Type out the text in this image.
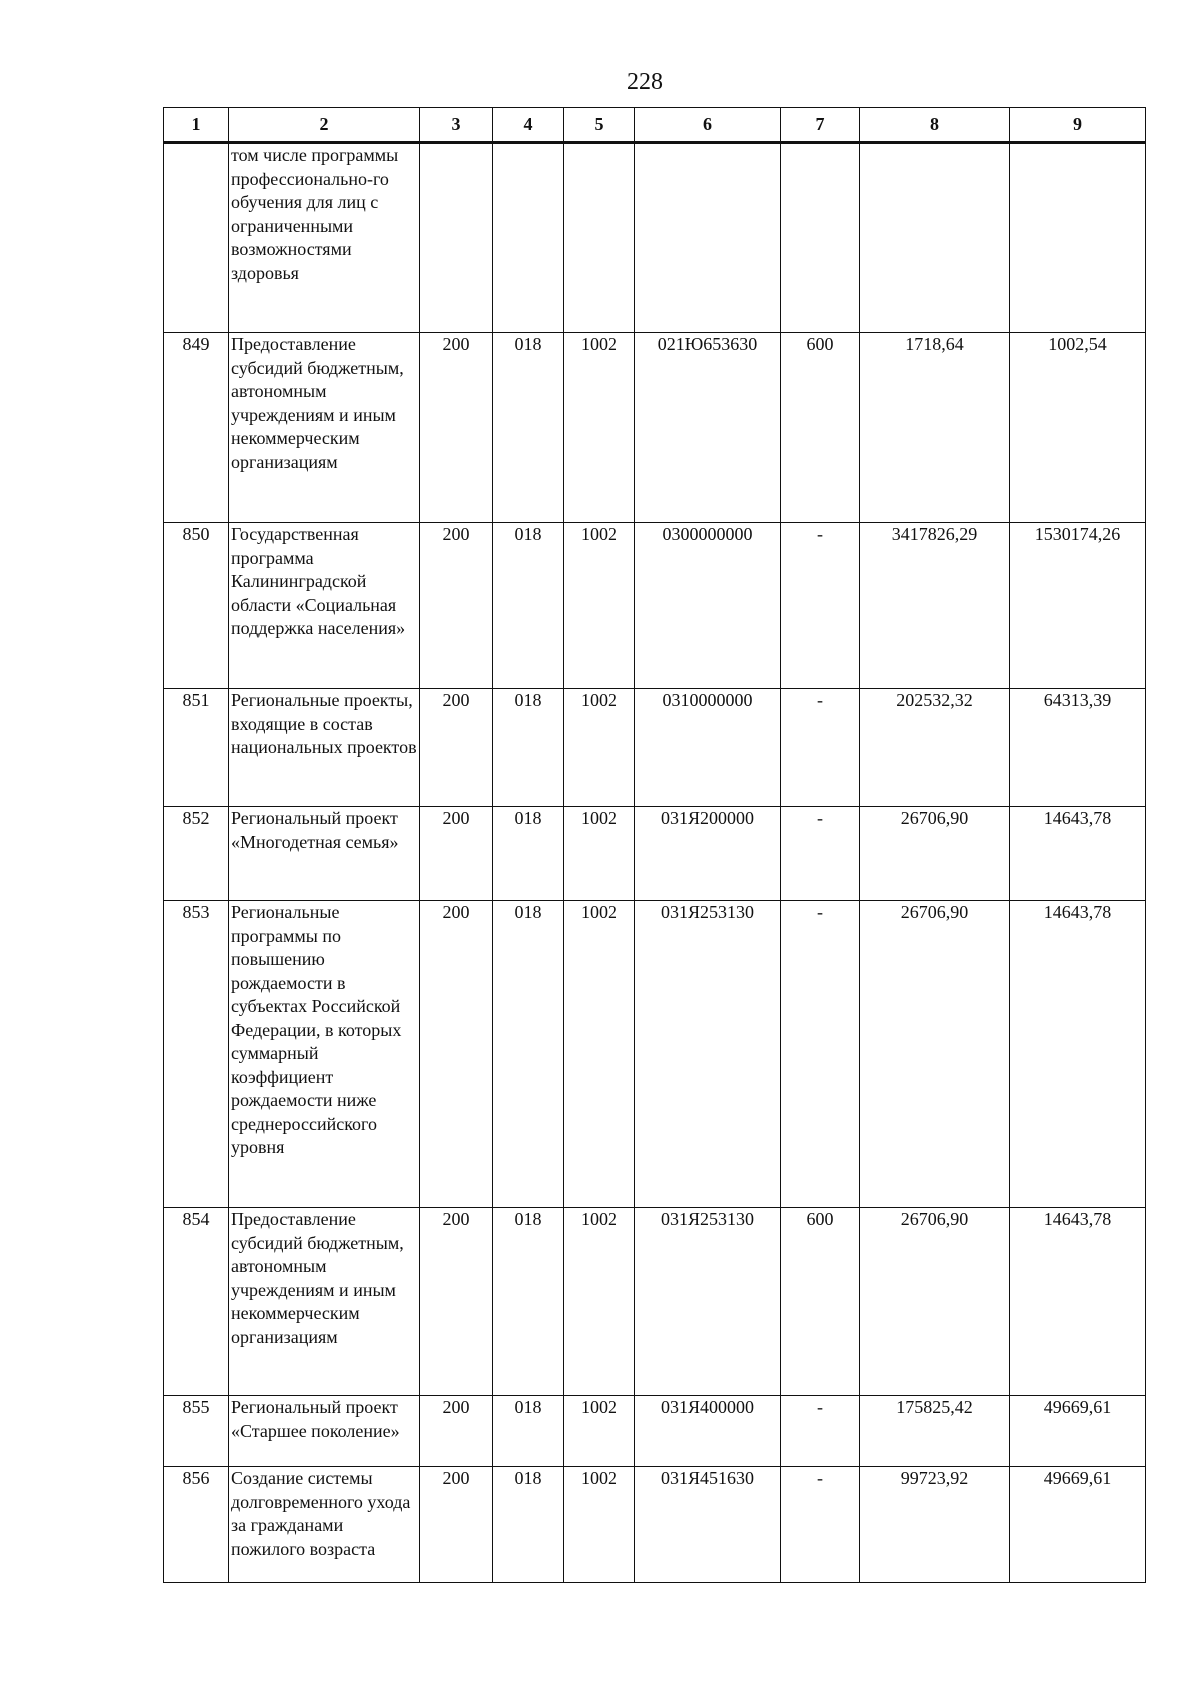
228
1	2	3	4	5	6	7	8	9
	том числе программы профессионально-го обучения для лиц с ограниченными возможностями здоровья							
849	Предоставление субсидий бюджетным, автономным учреждениям и иным некоммерческим организациям	200	018	1002	021Ю653630	600	1718,64	1002,54
850	Государственная программа Калининградской области «Социальная поддержка населения»	200	018	1002	0300000000	-	3417826,29	1530174,26
851	Региональные проекты, входящие в состав национальных проектов	200	018	1002	0310000000	-	202532,32	64313,39
852	Региональный проект «Многодетная семья»	200	018	1002	031Я200000	-	26706,90	14643,78
853	Региональные программы по повышению рождаемости в субъектах Российской Федерации, в которых суммарный коэффициент рождаемости ниже среднероссийского уровня	200	018	1002	031Я253130	-	26706,90	14643,78
854	Предоставление субсидий бюджетным, автономным учреждениям и иным некоммерческим организациям	200	018	1002	031Я253130	600	26706,90	14643,78
855	Региональный проект «Старшее поколение»	200	018	1002	031Я400000	-	175825,42	49669,61
856	Создание системы долговременного ухода за гражданами пожилого возраста	200	018	1002	031Я451630	-	99723,92	49669,61
